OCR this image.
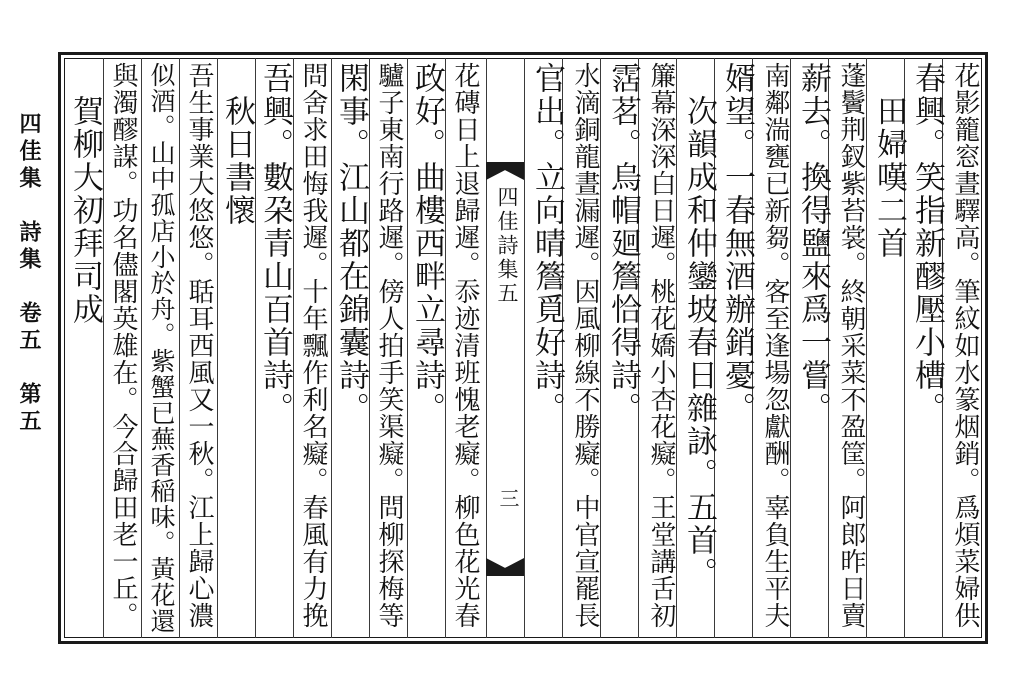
四佳集　詩集　卷五　第五	四佳詩集五
三	花影籠窓晝驛高。筆紋如水篆烟銷。爲煩菜婦供
春興。笑指新醪壓小槽。
　田婦嘆二首
蓬鬢荆釵紫苔裳。終朝采菜不盈筐。阿郎昨日賣
薪去。換得鹽來爲一嘗。
南鄰湍甕已新芻。客至逢場忽獻酬。辜負生平夫
婿望。一春無酒辦銷憂。
　次韻成和仲鑾坡春日雜詠。五首。
簾幕深深白日遲。桃花嬌小杏花癡。王堂講舌初
霑茗。烏帽廻簷恰得詩。
水滴銅龍晝漏遲。因風柳線不勝癡。中官宣罷長
官出。立向晴簷覓好詩。
花磚日上退歸遲。忝迹清班愧老癡。柳色花光春
政好。曲樓西畔立尋詩。
驢子東南行路遲。傍人拍手笑渠癡。問柳探梅等
閑事。江山都在錦囊詩。
問舍求田悔我遲。十年飄作利名癡。春風有力挽
吾興。數朶青山百首詩。
　秋日書懷
吾生事業大悠悠。聒耳西風又一秋。江上歸心濃
似酒。山中孤店小於舟。紫蟹已蕪香稲味。黃花還
與濁醪謀。功名儘閣英雄在。今合歸田老一丘。
　賀柳大初拜司成
